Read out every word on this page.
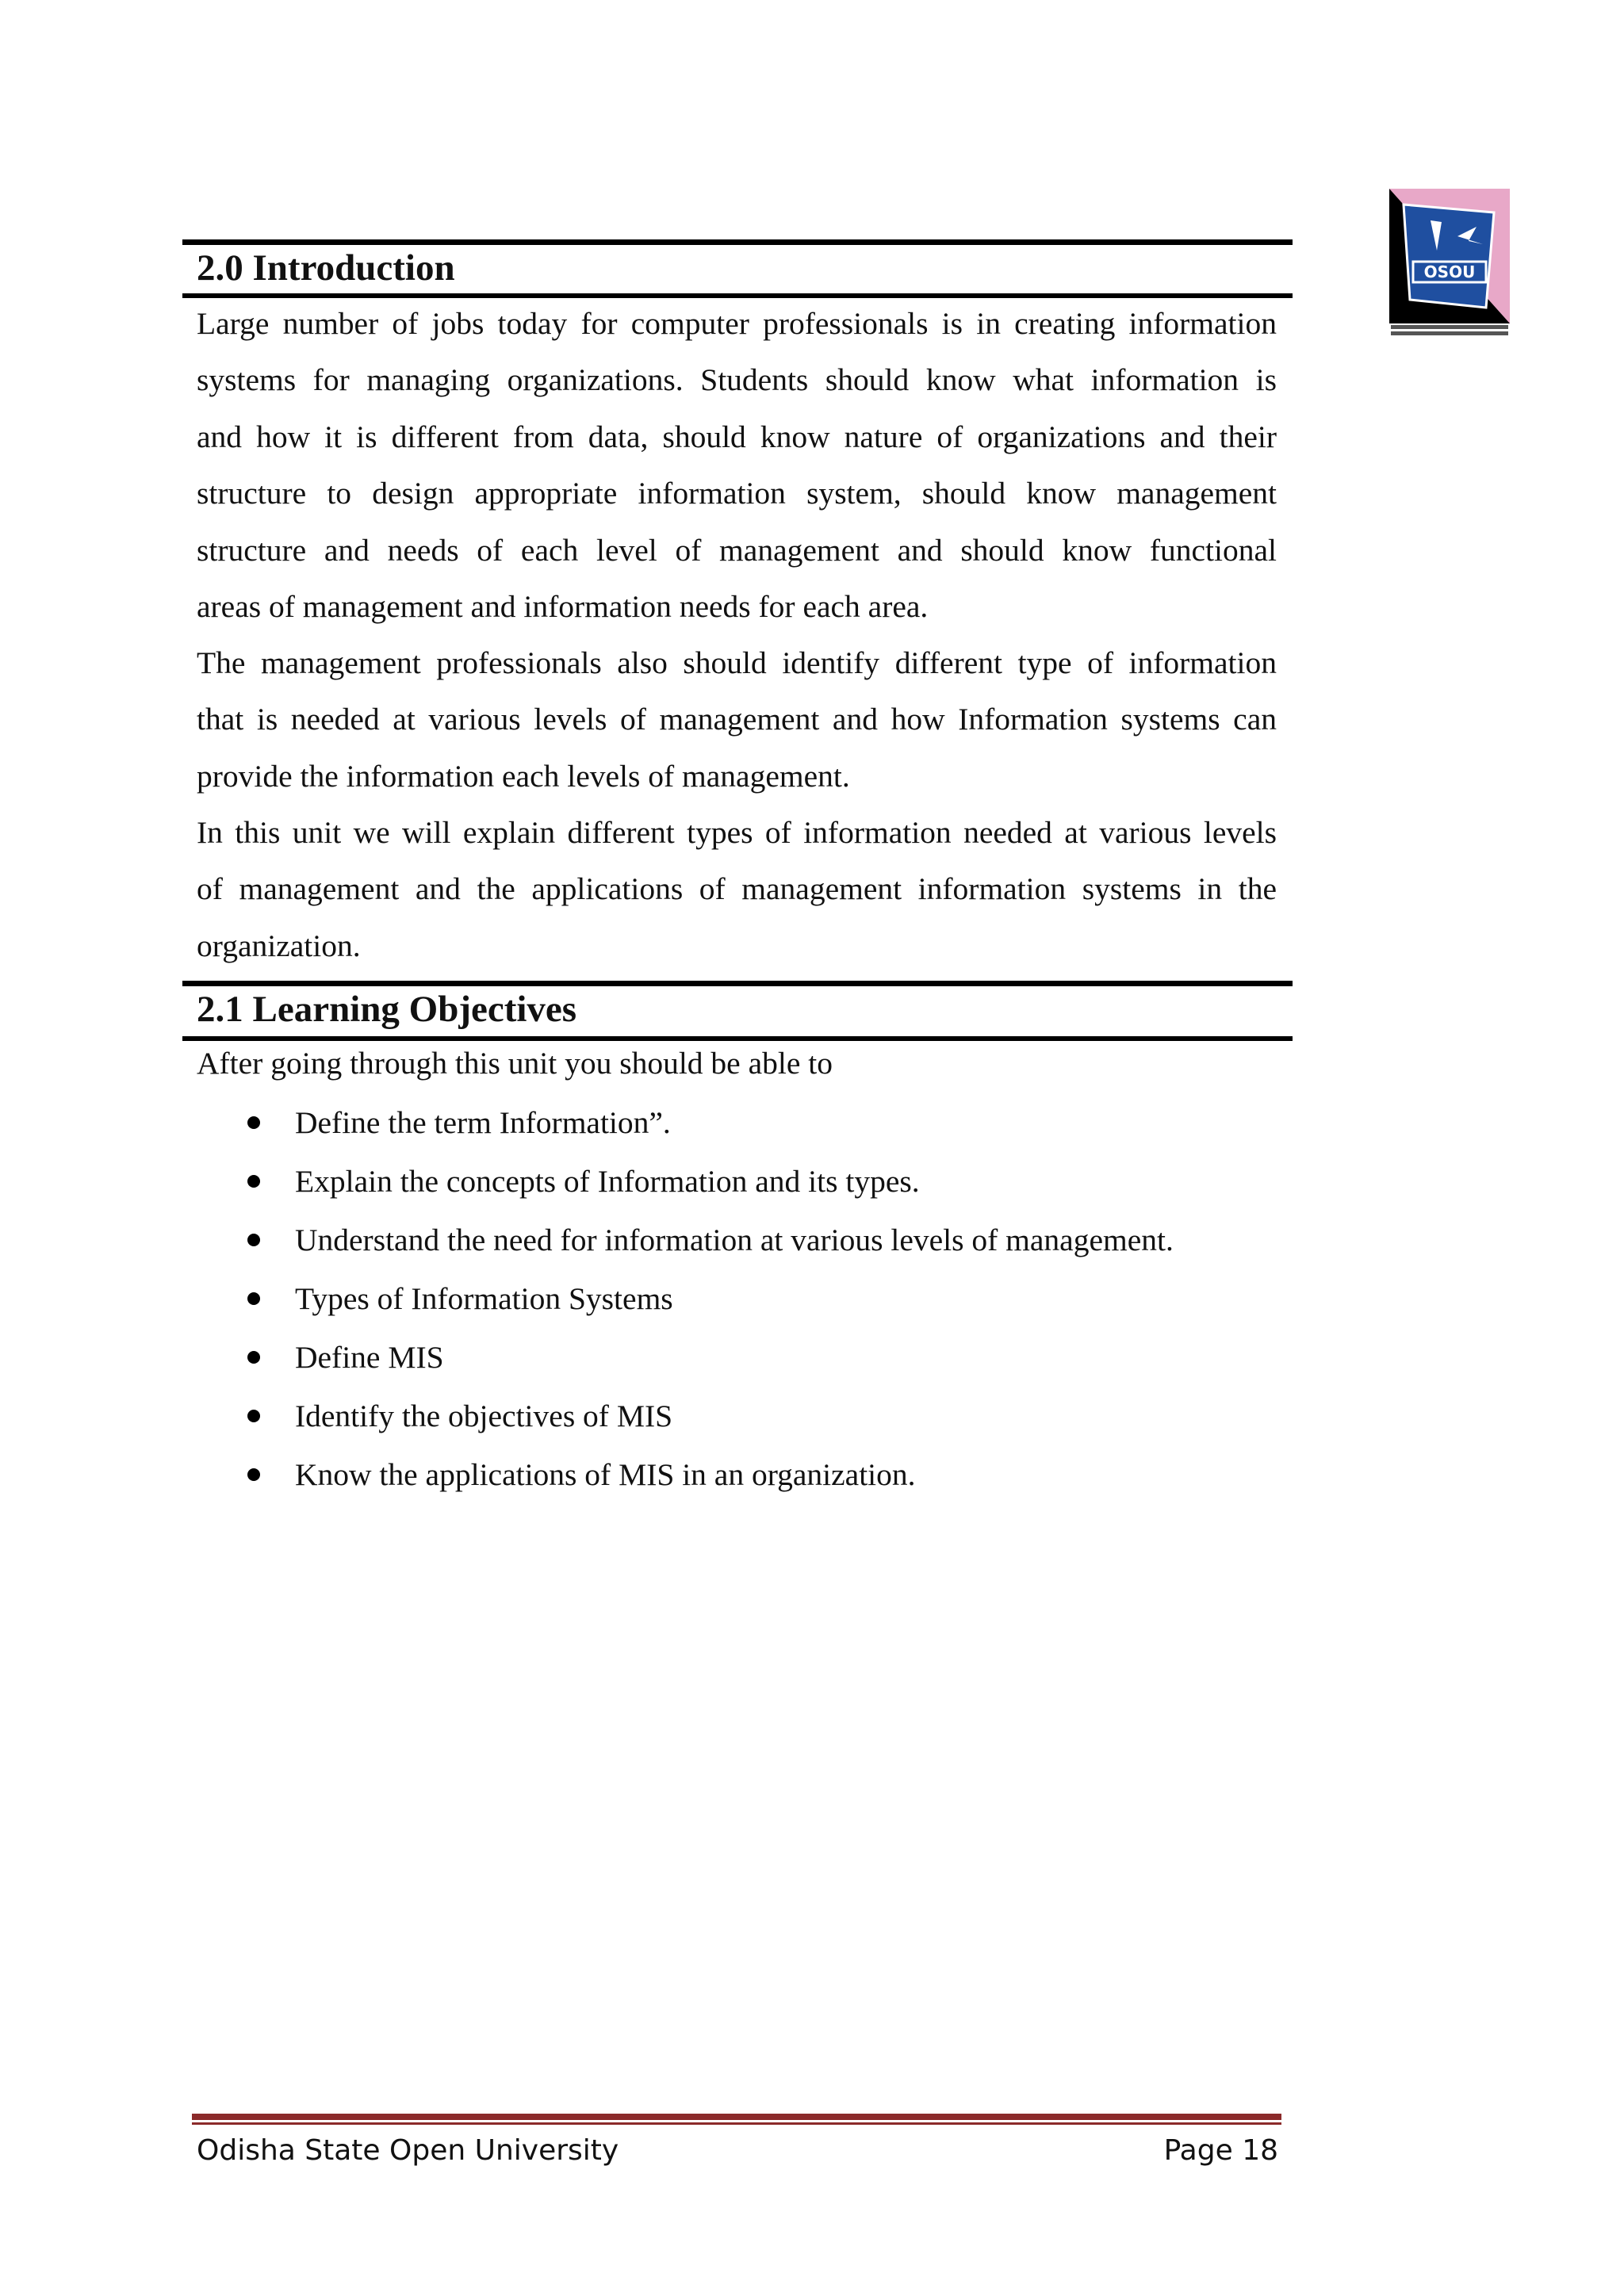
OSOU
2.0 Introduction
Large number of jobs today for computer professionals is in creating information
systems for managing organizations. Students should know what information is
and how it is different from data, should know nature of organizations and their
structure to design appropriate information system, should know management
structure and needs of each level of management and should know functional
areas of management and information needs for each area.
The management professionals also should identify different type of information
that is needed at various levels of management and how Information systems can
provide the information each levels of management.
In this unit we will explain different types of information needed at various levels
of management and the applications of management information systems in the
organization.
2.1 Learning Objectives

After going through this unit you should be able to

Define the term Information”.
Explain the concepts of Information and its types.
Understand the need for information at various levels of management.
Types of Information Systems
Define MIS
Identify the objectives of MIS
Know the applications of MIS in an organization.
Odisha State Open University	Page 18
